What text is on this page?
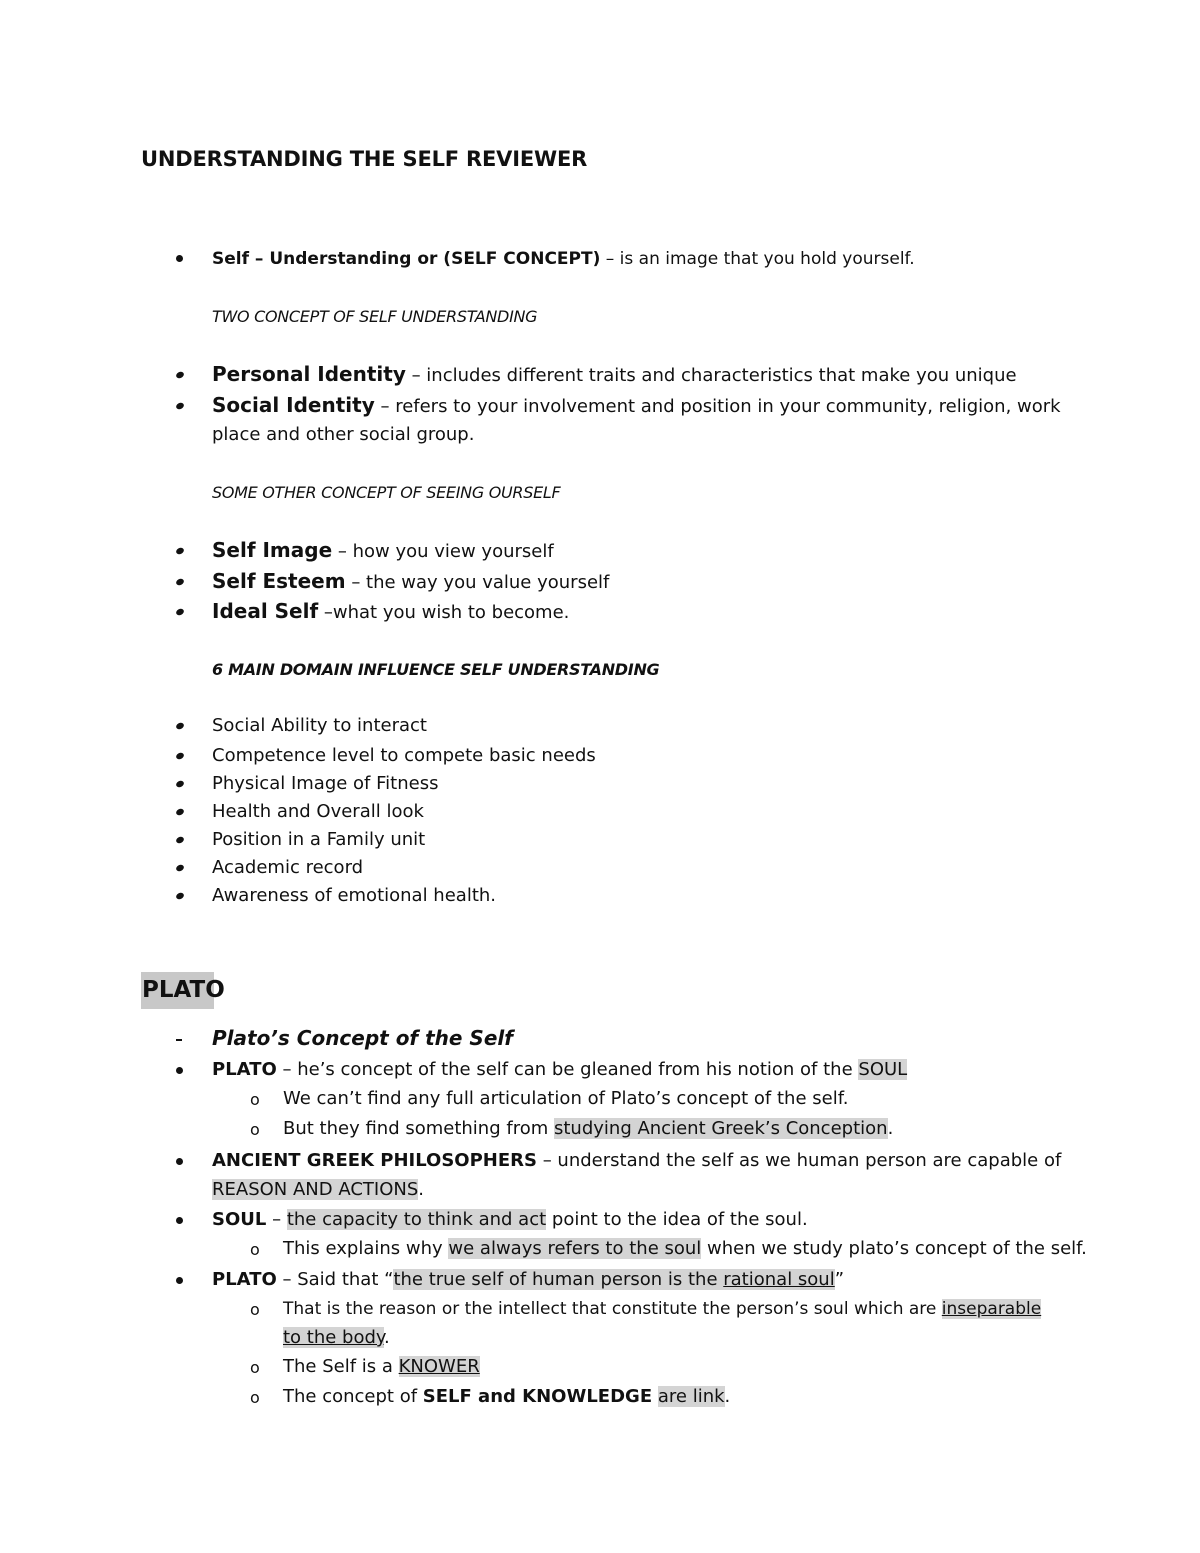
UNDERSTANDING THE SELF REVIEWER
Self – Understanding or (SELF CONCEPT) – is an image that you hold yourself.
TWO CONCEPT OF SELF UNDERSTANDING
Personal Identity – includes different traits and characteristics that make you unique
Social Identity – refers to your involvement and position in your community, religion, work
place and other social group.
SOME OTHER CONCEPT OF SEEING OURSELF
Self Image – how you view yourself
Self Esteem – the way you value yourself
Ideal Self –what you wish to become.
6 MAIN DOMAIN INFLUENCE SELF UNDERSTANDING
Social Ability to interact
Competence level to compete basic needs
Physical Image of Fitness
Health and Overall look
Position in a Family unit
Academic record
Awareness of emotional health.
PLATO
Plato’s Concept of the Self
PLATO – he’s concept of the self can be gleaned from his notion of the SOUL
o We can’t find any full articulation of Plato’s concept of the self.
o But they find something from studying Ancient Greek’s Conception.
ANCIENT GREEK PHILOSOPHERS – understand the self as we human person are capable of
REASON AND ACTIONS.
SOUL – the capacity to think and act point to the idea of the soul.
o This explains why we always refers to the soul when we study plato’s concept of the self.
PLATO – Said that “the true self of human person is the rational soul”
o That is the reason or the intellect that constitute the person’s soul which are inseparable
to the body.
o The Self is a KNOWER
o The concept of SELF and KNOWLEDGE are link.
